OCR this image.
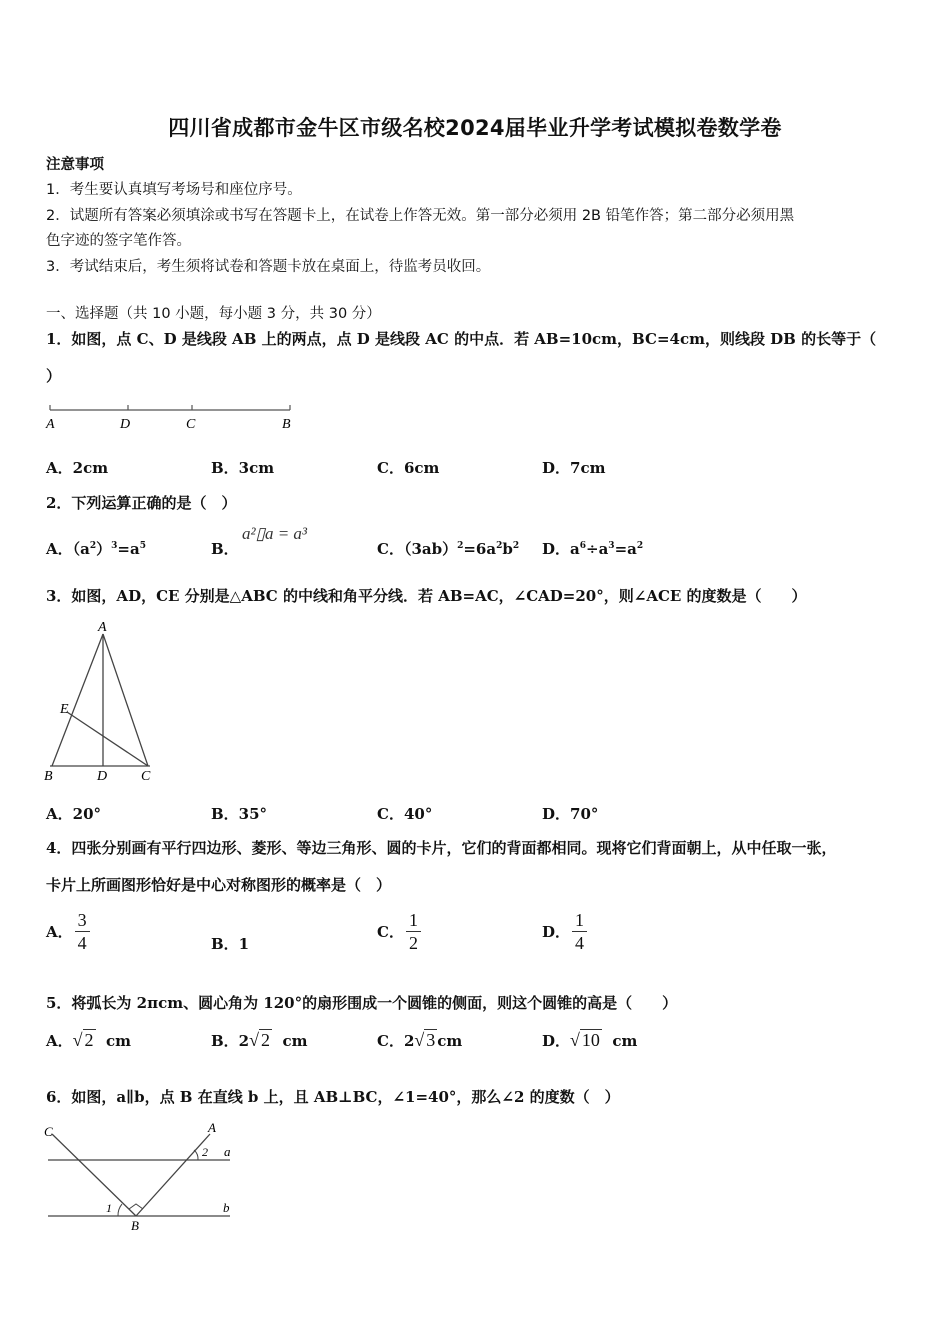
四川省成都市金牛区市级名校2024届毕业升学考试模拟卷数学卷
注意事项
1．考生要认真填写考场号和座位序号。
2．试题所有答案必须填涂或书写在答题卡上，在试卷上作答无效。第一部分必须用 2B 铅笔作答；第二部分必须用黑
色字迹的签字笔作答。
3．考试结束后，考生须将试卷和答题卡放在桌面上，待监考员收回。
一、选择题（共 10 小题，每小题 3 分，共 30 分）
1．如图，点 C、D 是线段 AB 上的两点，点 D 是线段 AC 的中点．若 AB=10cm，BC=4cm，则线段 DB 的长等于（
）
A	D	C	B
A．2cm	B．3cm	C．6cm	D．7cm
2．下列运算正确的是（　）
A．$(a^2)^3=a^5$	B．
a²▯a = a³
C．$(3ab)^2=6a^2b^2$ D．$a^6\div a^3=a^2$
3．如图，AD，CE 分别是△ABC 的中线和角平分线．若 AB=AC，∠CAD=20°，则∠ACE 的度数是（　　）
A
E
B	D C
A．20°	B．35°	C．40°	D．70°
4．四张分别画有平行四边形、菱形、等边三角形、圆的卡片，它们的背面都相同。现将它们背面朝上，从中任取一张，
卡片上所画图形恰好是中心对称图形的概率是（　）
A． $\frac{3}{4}$	B．1
C． $\frac{1}{2}$	D． $\frac{1}{4}$
5．将弧长为 2πcm、圆心角为 120°的扇形围成一个圆锥的侧面，则这个圆锥的高是（　　）
A．√ 2 cm	B．2√ 2 cm	C．2√ 3 cm	D．√ 10 cm
6．如图，a∥b，点 B 在直线 b 上，且 AB⊥BC，∠1=40°，那么∠2 的度数（　）
C	A
2 a
1	b
B
